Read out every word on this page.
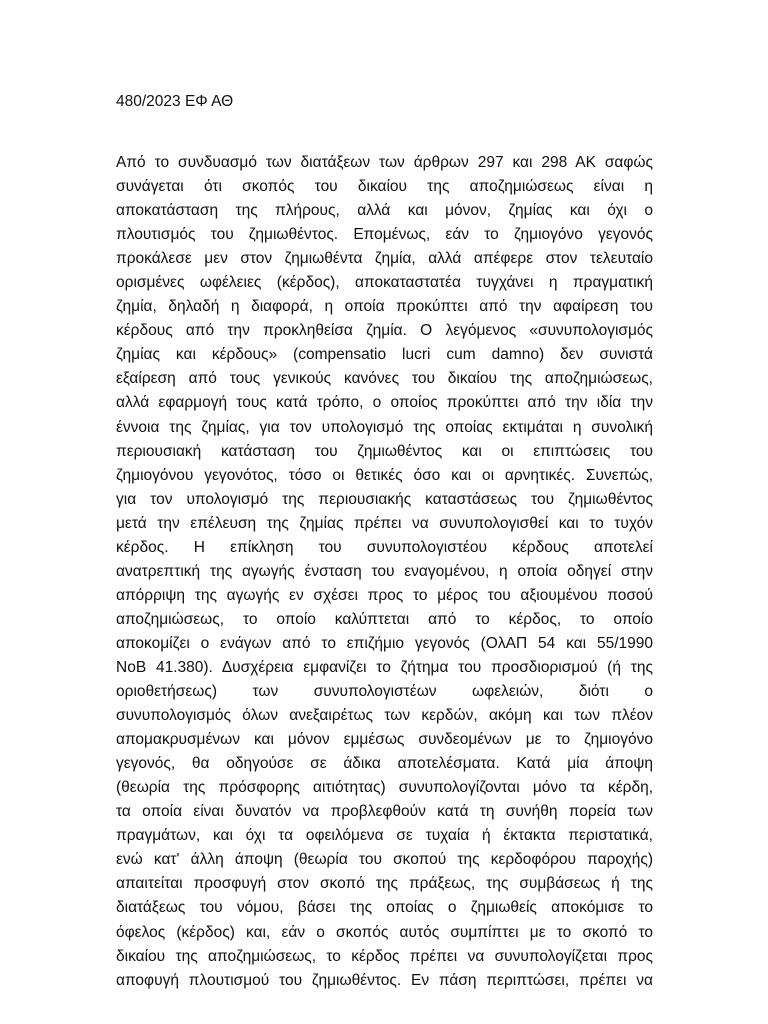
480/2023 ΕΦ ΑΘ

Από το συνδυασμό των διατάξεων των άρθρων 297 και 298 ΑΚ σαφώς
συνάγεται ότι σκοπός του δικαίου της αποζημιώσεως είναι η
αποκατάσταση της πλήρους, αλλά και μόνον, ζημίας και όχι ο
πλουτισμός του ζημιωθέντος. Επομένως, εάν το ζημιογόνο γεγονός
προκάλεσε μεν στον ζημιωθέντα ζημία, αλλά απέφερε στον τελευταίο
ορισμένες ωφέλειες (κέρδος), αποκαταστατέα τυγχάνει η πραγματική
ζημία, δηλαδή η διαφορά, η οποία προκύπτει από την αφαίρεση του
κέρδους από την προκληθείσα ζημία. Ο λεγόμενος «συνυπολογισμός
ζημίας και κέρδους» (compensatio lucri cum damno) δεν συνιστά
εξαίρεση από τους γενικούς κανόνες του δικαίου της αποζημιώσεως,
αλλά εφαρμογή τους κατά τρόπο, ο οποίος προκύπτει από την ιδία την
έννοια της ζημίας, για τον υπολογισμό της οποίας εκτιμάται η συνολική
περιουσιακή κατάσταση του ζημιωθέντος και οι επιπτώσεις του
ζημιογόνου γεγονότος, τόσο οι θετικές όσο και οι αρνητικές. Συνεπώς,
για τον υπολογισμό της περιουσιακής καταστάσεως του ζημιωθέντος
μετά την επέλευση της ζημίας πρέπει να συνυπολογισθεί και το τυχόν
κέρδος. Η επίκληση του συνυπολογιστέου κέρδους αποτελεί
ανατρεπτική της αγωγής ένσταση του εναγομένου, η οποία οδηγεί στην
απόρριψη της αγωγής εν σχέσει προς το μέρος του αξιουμένου ποσού
αποζημιώσεως, το οποίο καλύπτεται από το κέρδος, το οποίο
αποκομίζει ο ενάγων από το επιζήμιο γεγονός (ΟλΑΠ 54 και 55/1990
ΝοΒ 41.380). Δυσχέρεια εμφανίζει το ζήτημα του προσδιορισμού (ή της
οριοθετήσεως) των συνυπολογιστέων ωφελειών, διότι ο
συνυπολογισμός όλων ανεξαιρέτως των κερδών, ακόμη και των πλέον
απομακρυσμένων και μόνον εμμέσως συνδεομένων με το ζημιογόνο
γεγονός, θα οδηγούσε σε άδικα αποτελέσματα. Κατά μία άποψη
(θεωρία της πρόσφορης αιτιότητας) συνυπολογίζονται μόνο τα κέρδη,
τα οποία είναι δυνατόν να προβλεφθούν κατά τη συνήθη πορεία των
πραγμάτων, και όχι τα οφειλόμενα σε τυχαία ή έκτακτα περιστατικά,
ενώ κατ' άλλη άποψη (θεωρία του σκοπού της κερδοφόρου παροχής)
απαιτείται προσφυγή στον σκοπό της πράξεως, της συμβάσεως ή της
διατάξεως του νόμου, βάσει της οποίας ο ζημιωθείς αποκόμισε το
όφελος (κέρδος) και, εάν ο σκοπός αυτός συμπίπτει με το σκοπό το
δικαίου της αποζημιώσεως, το κέρδος πρέπει να συνυπολογίζεται προς
αποφυγή πλουτισμού του ζημιωθέντος. Εν πάση περιπτώσει, πρέπει να
